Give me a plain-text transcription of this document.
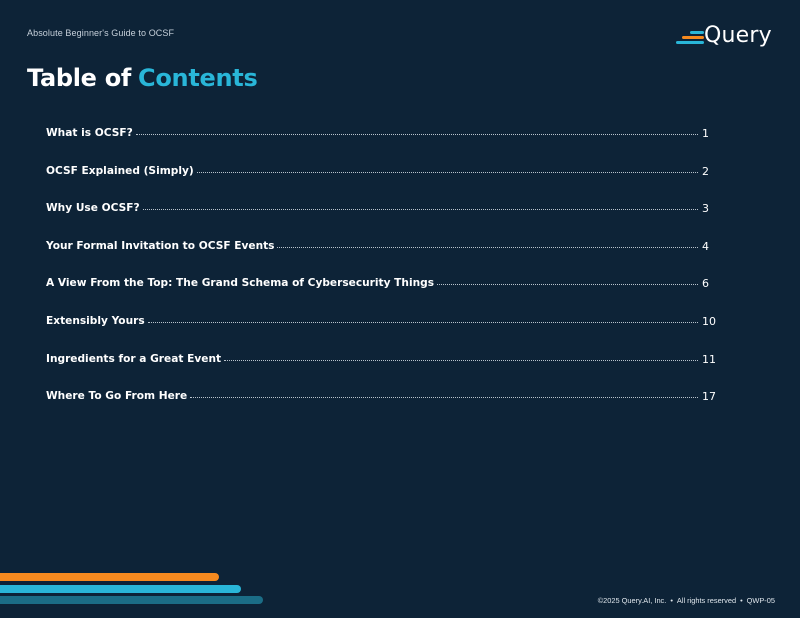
Absolute Beginner's Guide to OCSF	Query
Table of Contents
What is OCSF?	1
OCSF Explained (Simply)	2
Why Use OCSF?	3
Your Formal Invitation to OCSF Events	4
A View From the Top: The Grand Schema of Cybersecurity Things	6
Extensibly Yours	10
Ingredients for a Great Event	11
Where To Go From Here	17
©2025 Query.AI, Inc. • All rights reserved • QWP-05
